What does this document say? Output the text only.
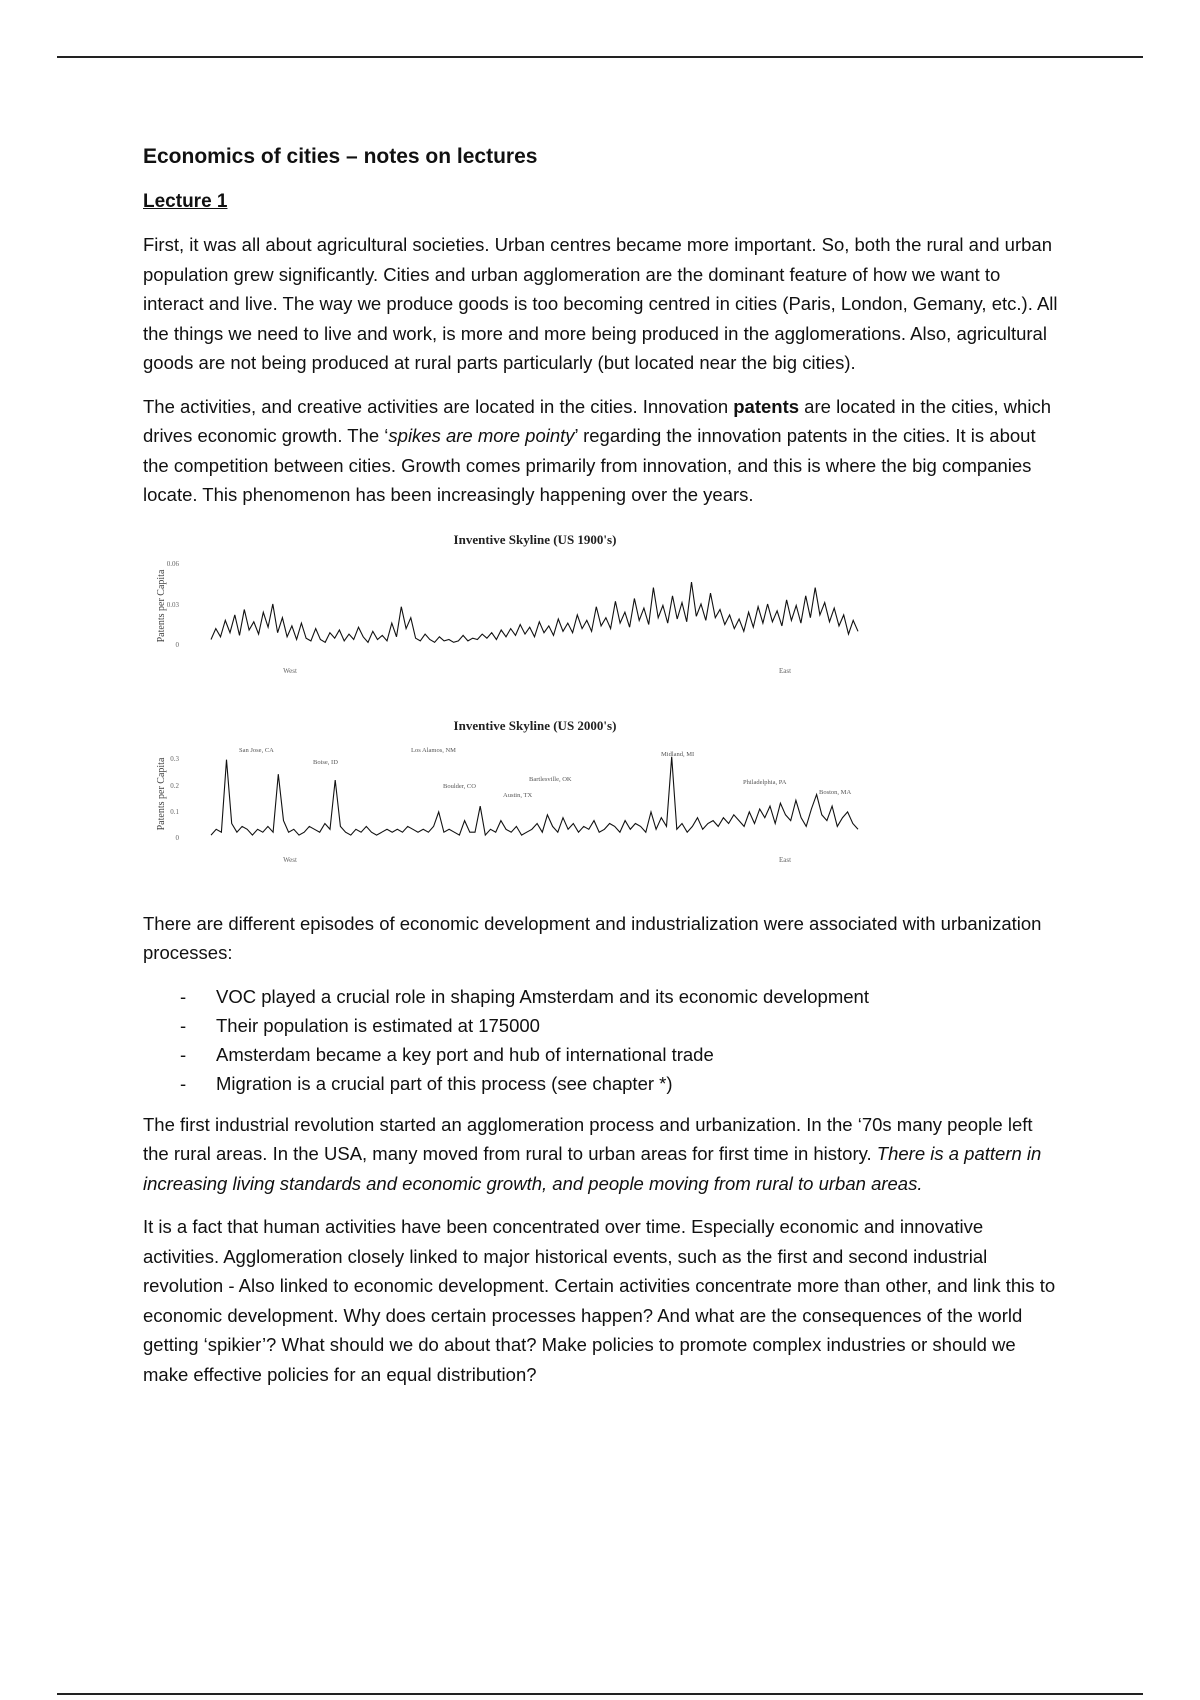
Economics of cities – notes on lectures
Lecture 1

First, it was all about agricultural societies. Urban centres became more important. So, both the rural and urban population grew significantly. Cities and urban agglomeration are the dominant feature of how we want to interact and live. The way we produce goods is too becoming centred in cities (Paris, London, Gemany, etc.). All the things we need to live and work, is more and more being produced in the agglomerations. Also, agricultural goods are not being produced at rural parts particularly (but located near the big cities).

The activities, and creative activities are located in the cities. Innovation patents are located in the cities, which drives economic growth. The ‘spikes are more pointy’ regarding the innovation patents in the cities. It is about the competition between cities. Growth comes primarily from innovation, and this is where the big companies locate. This phenomenon has been increasingly happening over the years.

Inventive Skyline (US 1900's)
Patents per Capita
0.06
0.03
0
West	East
Inventive Skyline (US 2000's)
Patents per Capita 0.3
0.2
0.1
0
West	East
San Jose, CA
Boise, ID
Los Alamos, NM
Boulder, CO
Austin, TX
Bartlesville, OK
Midland, MI
Philadelphia, PA
Boston, MA

There are different episodes of economic development and industrialization were associated with urbanization processes:

- VOC played a crucial role in shaping Amsterdam and its economic development
- Their population is estimated at 175000
- Amsterdam became a key port and hub of international trade
- Migration is a crucial part of this process (see chapter *)

The first industrial revolution started an agglomeration process and urbanization. In the ‘70s many people left the rural areas. In the USA, many moved from rural to urban areas for first time in history. There is a pattern in increasing living standards and economic growth, and people moving from rural to urban areas.

It is a fact that human activities have been concentrated over time. Especially economic and innovative activities. Agglomeration closely linked to major historical events, such as the first and second industrial revolution - Also linked to economic development. Certain activities concentrate more than other, and link this to economic development. Why does certain processes happen? And what are the consequences of the world getting ‘spikier’? What should we do about that? Make policies to promote complex industries or should we make effective policies for an equal distribution?
